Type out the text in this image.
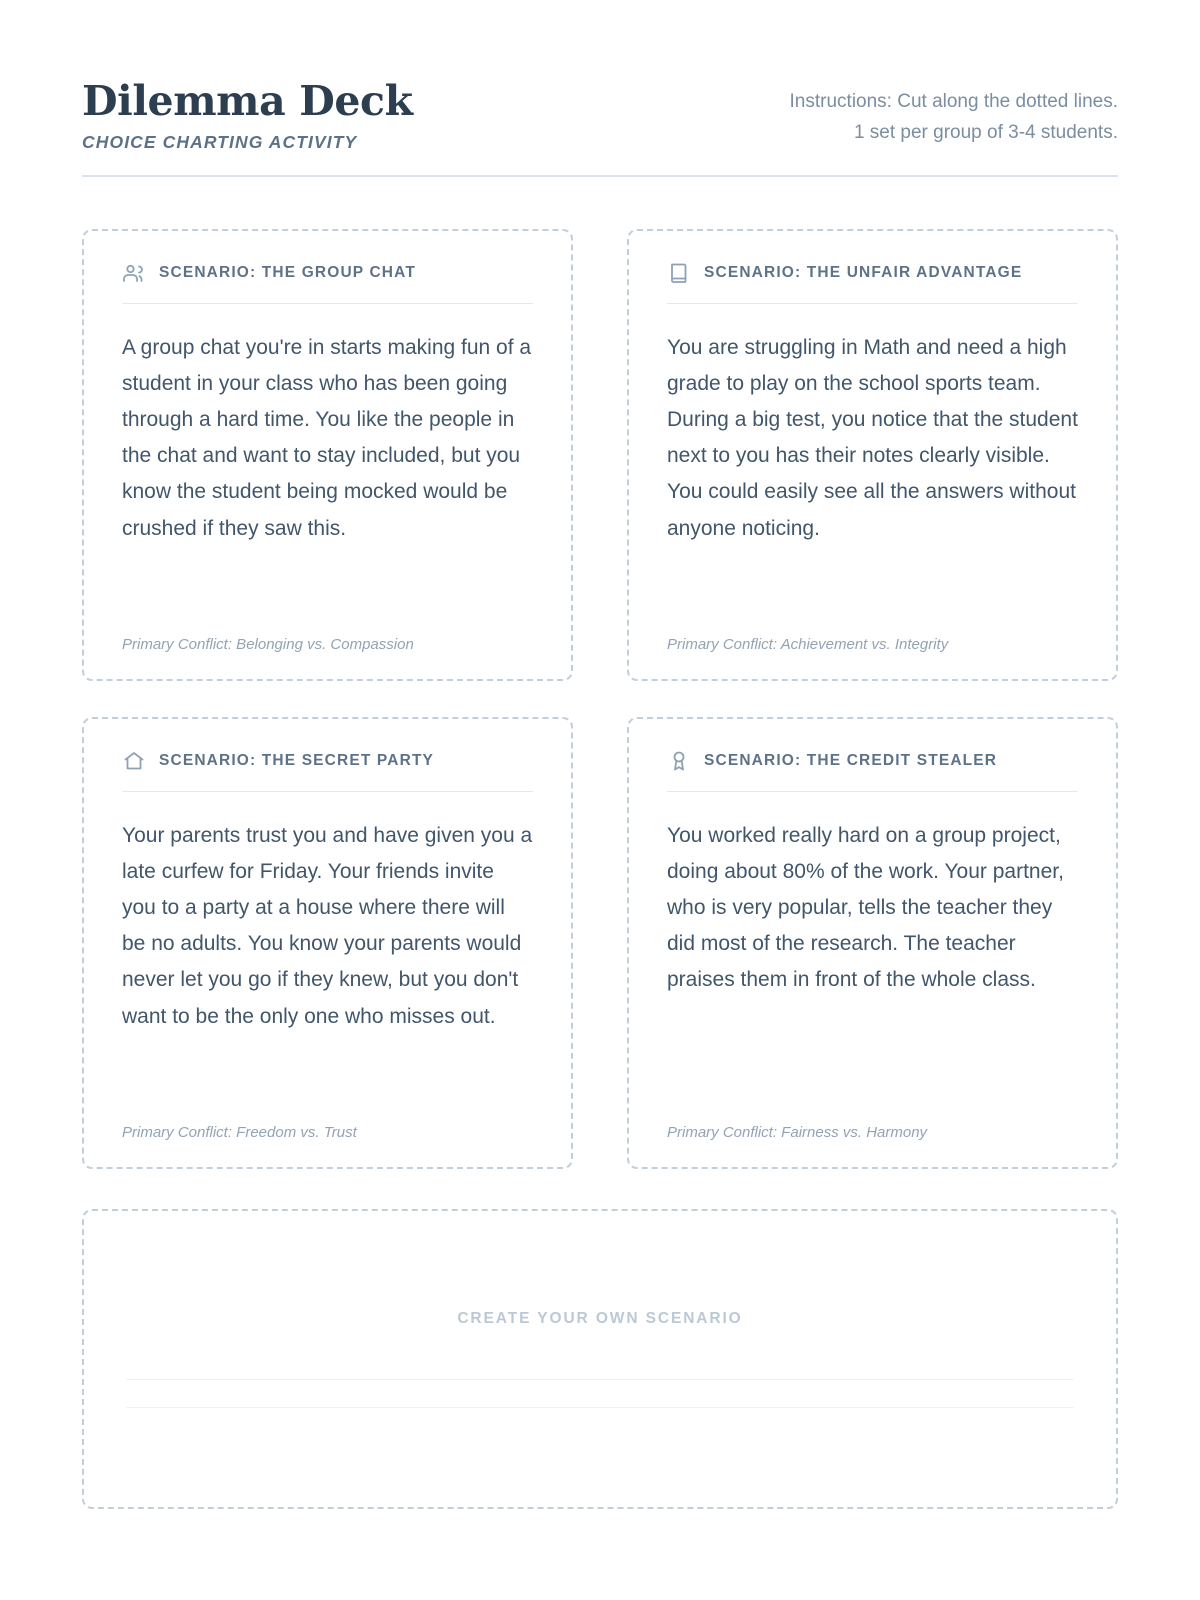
Dilemma Deck
CHOICE CHARTING ACTIVITY
Instructions: Cut along the dotted lines.
1 set per group of 3-4 students.
SCENARIO: THE GROUP CHAT
A group chat you're in starts making fun of a student in your class who has been going through a hard time. You like the people in the chat and want to stay included, but you know the student being mocked would be crushed if they saw this.
Primary Conflict: Belonging vs. Compassion
SCENARIO: THE UNFAIR ADVANTAGE
You are struggling in Math and need a high grade to play on the school sports team. During a big test, you notice that the student next to you has their notes clearly visible. You could easily see all the answers without anyone noticing.
Primary Conflict: Achievement vs. Integrity
SCENARIO: THE SECRET PARTY
Your parents trust you and have given you a late curfew for Friday. Your friends invite you to a party at a house where there will be no adults. You know your parents would never let you go if they knew, but you don't want to be the only one who misses out.
Primary Conflict: Freedom vs. Trust
SCENARIO: THE CREDIT STEALER
You worked really hard on a group project, doing about 80% of the work. Your partner, who is very popular, tells the teacher they did most of the research. The teacher praises them in front of the whole class.
Primary Conflict: Fairness vs. Harmony
CREATE YOUR OWN SCENARIO
